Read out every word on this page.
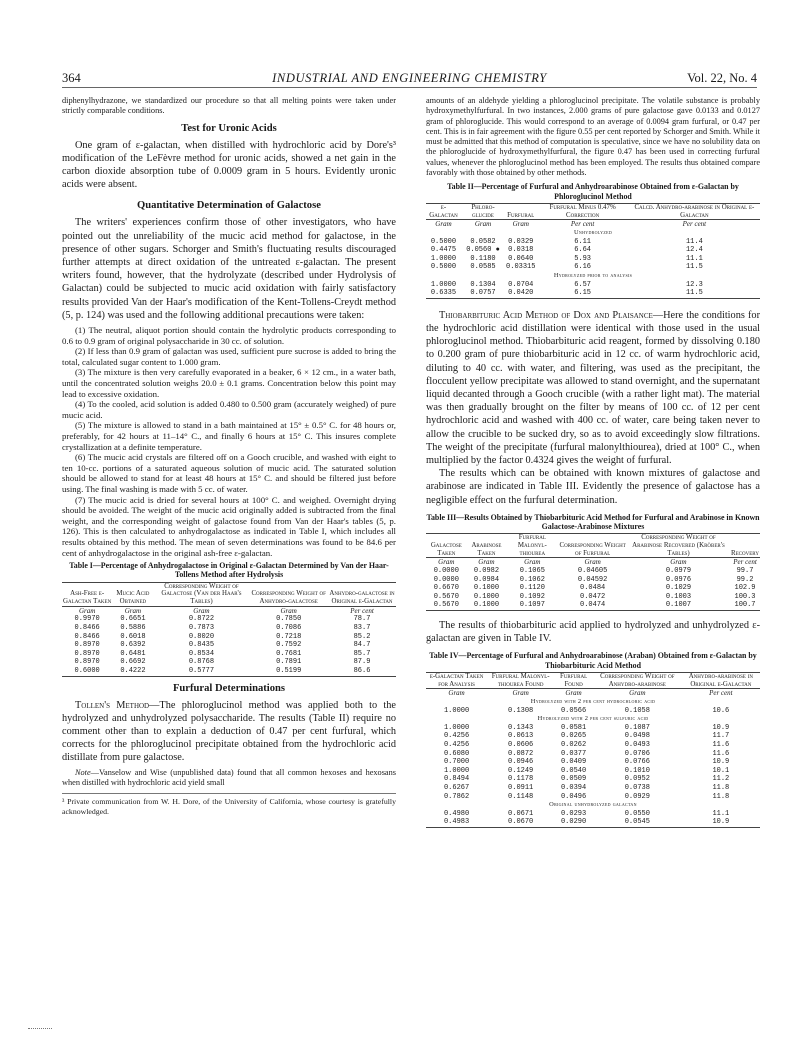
364	INDUSTRIAL AND ENGINEERING CHEMISTRY	Vol. 22, No. 4

diphenylhydrazone, we standardized our procedure so that all melting points were taken under strictly comparable conditions.

Test for Uronic Acids

One gram of ε-galactan, when distilled with hydrochloric acid by Dore's³ modification of the LeFèvre method for uronic acids, showed a net gain in the carbon dioxide absorption tube of 0.0009 gram in 5 hours. Evidently uronic acids were absent.

Quantitative Determination of Galactose

The writers' experiences confirm those of other investigators, who have pointed out the unreliability of the mucic acid method for galactose, in the presence of other sugars. Schorger and Smith's fluctuating results discouraged further attempts at direct oxidation of the untreated ε-galactan. The present writers found, however, that the hydrolyzate (described under Hydrolysis of Galactan) could be subjected to mucic acid oxidation with fairly satisfactory results provided Van der Haar's modification of the Kent-Tollens-Creydt method (5, p. 124) was used and the following additional precautions were taken:

(1) The neutral, aliquot portion should contain the hydrolytic products corresponding to 0.6 to 0.9 gram of original polysaccharide in 30 cc. of solution.

(2) If less than 0.9 gram of galactan was used, sufficient pure sucrose is added to bring the total, calculated sugar content to 1.000 gram.

(3) The mixture is then very carefully evaporated in a beaker, 6 × 12 cm., in a water bath, until the concentrated solution weighs 20.0 ± 0.1 grams. Concentration below this point may lead to excessive oxidation.

(4) To the cooled, acid solution is added 0.480 to 0.500 gram (accurately weighed) of pure mucic acid.

(5) The mixture is allowed to stand in a bath maintained at 15° ± 0.5° C. for 48 hours or, preferably, for 42 hours at 11–14° C., and finally 6 hours at 15° C. This insures complete crystallization at a definite temperature.

(6) The mucic acid crystals are filtered off on a Gooch crucible, and washed with eight to ten 10-cc. portions of a saturated aqueous solution of mucic acid. The saturated solution should be allowed to stand for at least 48 hours at 15° C. and should be filtered just before using. The final washing is made with 5 cc. of water.

(7) The mucic acid is dried for several hours at 100° C. and weighed. Overnight drying should be avoided. The weight of the mucic acid originally added is subtracted from the final weight, and the corresponding weight of galactose found from Van der Haar's tables (5, p. 126). This is then calculated to anhydrogalactose as indicated in Table I, which includes all results obtained by this method. The mean of seven determinations was found to be 84.6 per cent of anhydrogalactose in the original ash-free ε-galactan.

Table I—Percentage of Anhydrogalactose in Original ε-Galactan Determined by Van der Haar-Tollens Method after Hydrolysis
Ash-Free ε-Galactan Taken	Mucic Acid Obtained	Corresponding Weight of Galactose (Van der Haar's Tables)	Corresponding Weight of Anhydro-galactose	Anhydro-galactose in Original ε-Galactan
Gram	Gram	Gram	Gram	Per cent
0.9970	0.6651	0.8722	0.7850	78.7
0.8466	0.5886	0.7873	0.7086	83.7
0.8466	0.6018	0.8020	0.7218	85.2
0.8970	0.6392	0.8435	0.7592	84.7
0.8970	0.6481	0.8534	0.7681	85.7
0.8970	0.6692	0.8768	0.7891	87.9
0.6000	0.4222	0.5777	0.5199	86.6
Furfural Determinations

Tollen's Method—The phloroglucinol method was applied both to the hydrolyzed and unhydrolyzed polysaccharide. The results (Table II) require no comment other than to explain a deduction of 0.47 per cent furfural, which corrects for the phloroglucinol precipitate obtained from the hydrochloric acid distillate from pure galactose.

Note—Vanselow and Wise (unpublished data) found that all common hexoses and hexosans when distilled with hydrochloric acid yield small

³ Private communication from W. H. Dore, of the University of California, whose courtesy is gratefully acknowledged.

amounts of an aldehyde yielding a phloroglucinol precipitate. The volatile substance is probably hydroxymethylfurfural. In two instances, 2.000 grams of pure galactose gave 0.0133 and 0.0127 gram of phloroglucide. This would correspond to an average of 0.0094 gram furfural, or 0.47 per cent. This is in fair agreement with the figure 0.55 per cent reported by Schorger and Smith. While it must be admitted that this method of computation is speculative, since we have no solubility data on the phloroglucide of hydroxymethylfurfural, the figure 0.47 has been used in correcting furfural values, whenever the phloroglucinol method has been employed. The results thus obtained compare favorably with those obtained by other methods.

Table II—Percentage of Furfural and Anhydroarabinose Obtained from ε-Galactan by Phloroglucinol Method
ε-Galactan	Phloro-glucide	Furfural	Furfural Minus 0.47% Correction	Calcd. Anhydro-arabinose in Original ε-Galactan
Gram	Gram	Gram	Per cent	Per cent
Unhydrolyzed				
0.5000	0.0582	0.0329	6.11	11.4
0.4475	0.0560 ●	0.0318	6.64	12.4
1.0000	0.1180	0.0640	5.93	11.1
0.5000	0.0585	0.03315	6.16	11.5
Hydrolyzed prior to analysis				
1.0000	0.1304	0.0704	6.57	12.3
0.6335	0.0757	0.0420	6.15	11.5

Thiobarbituric Acid Method of Dox and Plaisance—Here the conditions for the hydrochloric acid distillation were identical with those used in the usual phloroglucinol method. Thiobarbituric acid reagent, formed by dissolving 0.180 to 0.200 gram of pure thiobarbituric acid in 12 cc. of warm hydrochloric acid, diluting to 40 cc. with water, and filtering, was used as the precipitant, the flocculent yellow precipitate was allowed to stand overnight, and the supernatant liquid decanted through a Gooch crucible (with a rather light mat). The material was then gradually brought on the filter by means of 100 cc. of 12 per cent hydrochloric acid and washed with 400 cc. of water, care being taken never to allow the crucible to be sucked dry, so as to avoid exceedingly slow filtrations. The weight of the precipitate (furfural malonylthiourea), dried at 100° C., when multiplied by the factor 0.4324 gives the weight of furfural.

The results which can be obtained with known mixtures of galactose and arabinose are indicated in Table III. Evidently the presence of galactose has a negligible effect on the furfural determination.

Table III—Results Obtained by Thiobarbituric Acid Method for Furfural and Arabinose in Known Galactose-Arabinose Mixtures
Galactose Taken	Arabinose Taken	Furfural Malonyl-thiourea	Corresponding Weight of Furfural	Corresponding Weight of Arabinose Recovered (Kröber's Tables)	Recovery
Gram	Gram	Gram	Gram	Gram	Per cent
0.0000	0.0982	0.1065	0.04605	0.0979	99.7
0.0000	0.0984	0.1062	0.04592	0.0976	99.2
0.6670	0.1000	0.1120	0.0484	0.1029	102.9
0.5670	0.1000	0.1092	0.0472	0.1003	100.3
0.5670	0.1000	0.1097	0.0474	0.1007	100.7

The results of thiobarbituric acid applied to hydrolyzed and unhydrolyzed ε-galactan are given in Table IV.

Table IV—Percentage of Furfural and Anhydroarabinose (Araban) Obtained from ε-Galactan by Thiobarbituric Acid Method
ε-Galactan Taken for Analysis	Furfural Malonyl-thiourea Found	Furfural Found	Corresponding Weight of Anhydro-arabinose	Anhydro-arabinose in Original ε-Galactan
Gram	Gram	Gram	Gram	Per cent
Hydrolyzed with 2 per cent hydrochloric acid				
1.0000	0.1308	0.0566	0.1058	10.6
Hydrolyzed with 2 per cent sulfuric acid				
1.0000	0.1343	0.0581	0.1087	10.9
0.4256	0.0613	0.0265	0.0498	11.7
0.4256	0.0606	0.0262	0.0493	11.6
0.6080	0.0872	0.0377	0.0706	11.6
0.7000	0.0946	0.0409	0.0766	10.9
1.0000	0.1249	0.0540	0.1010	10.1
0.8494	0.1178	0.0509	0.0952	11.2
0.6267	0.0911	0.0394	0.0738	11.8
0.7862	0.1148	0.0496	0.0929	11.8
Original unhydrolyzed galactan				
0.4980	0.0671	0.0293	0.0550	11.1
0.4983	0.0670	0.0290	0.0545	10.9
